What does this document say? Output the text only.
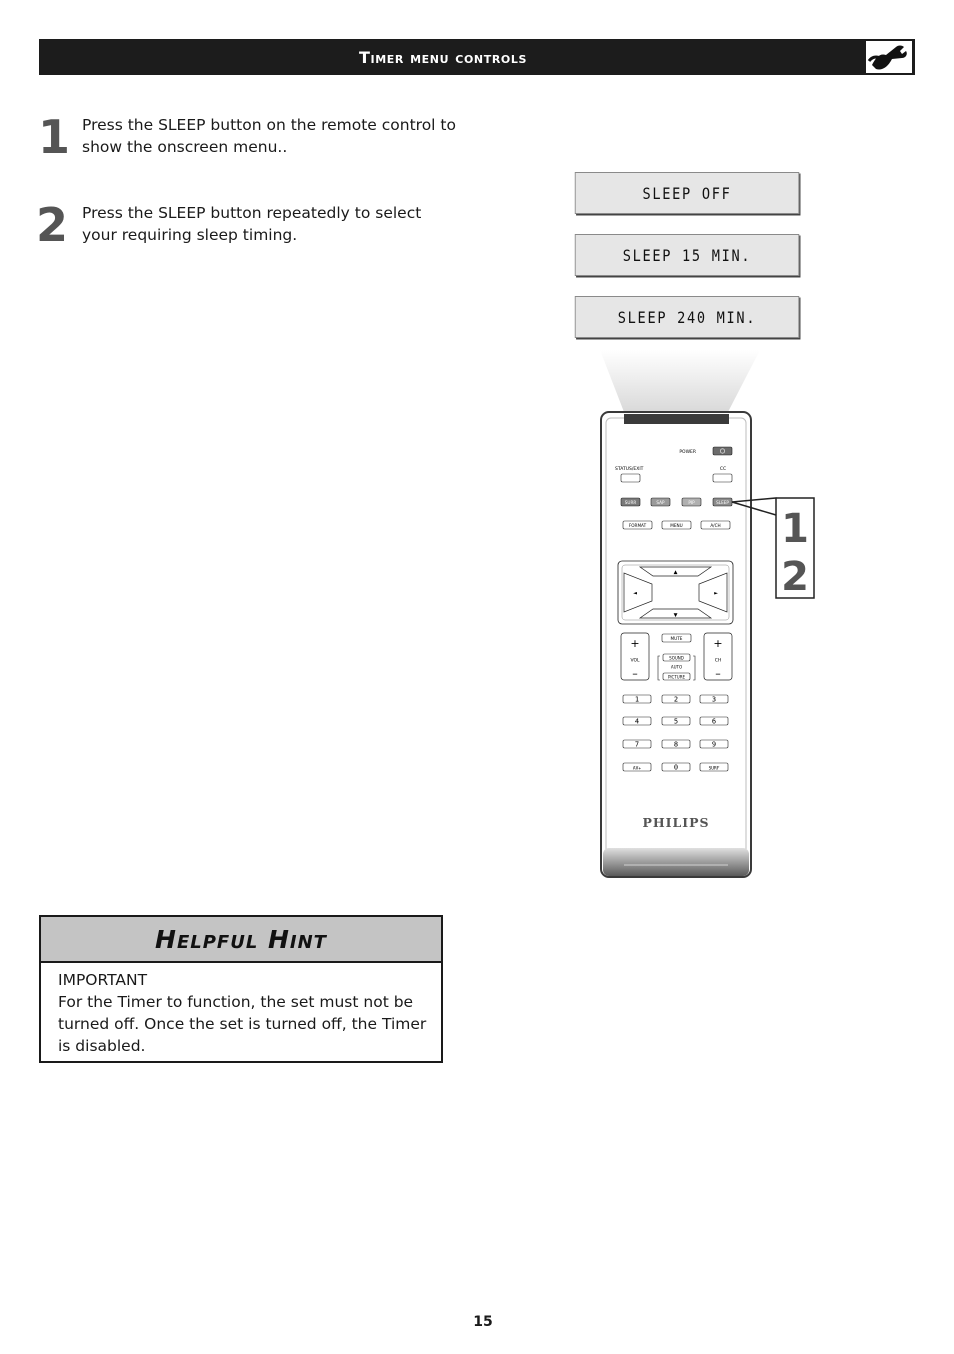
Timer menu controls
1 Press the SLEEP button on the remote control to show the onscreen menu..
2 Press the SLEEP button repeatedly to select your requiring sleep timing.
SLEEP OFF
SLEEP 15 MIN.
SLEEP 240 MIN.
POWER
STATUS/EXIT	CC
SURR	SAP	PIP	SLEEP
FORMAT	MENU	A/CH
▲
▼
◄	►
+
VOL
–
+
CH
–
MUTE
SOUND
AUTO
PICTURE
1	2	3
4	5	6
7	8	9
AV+	0	SURF
PHILIPS
1
2
Helpful Hint
IMPORTANT
For the Timer to function, the set must not be turned off. Once the set is turned off, the Timer is disabled.
15
